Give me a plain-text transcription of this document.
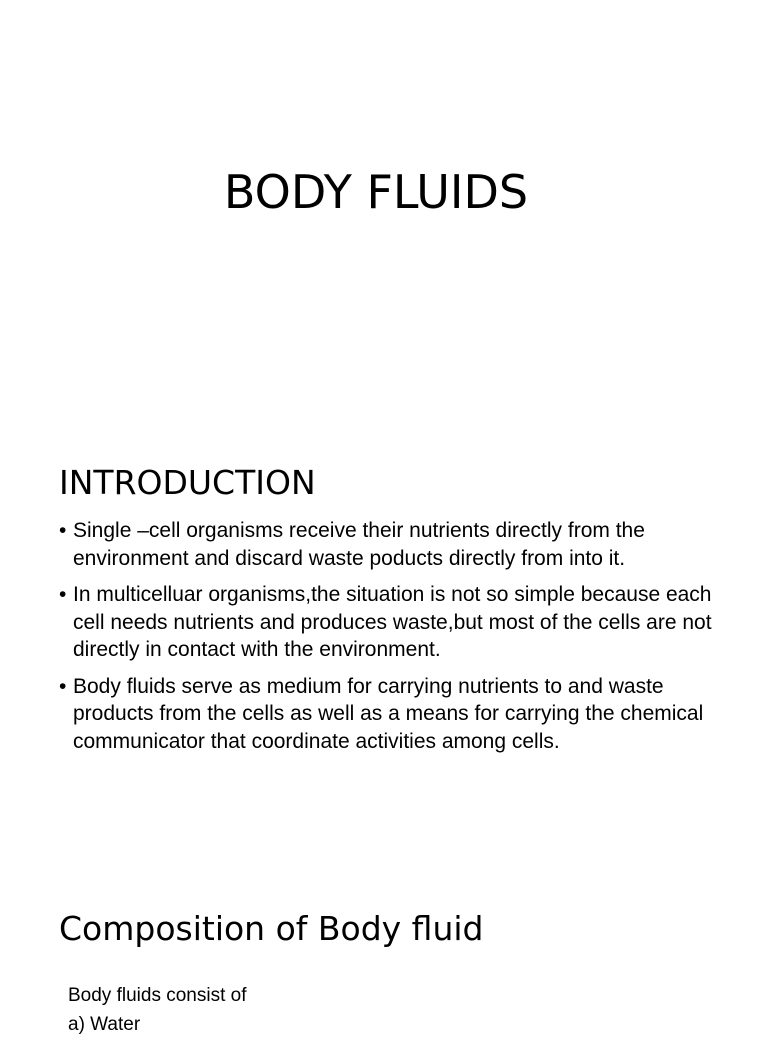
BODY FLUIDS
INTRODUCTION
• Single –cell organisms receive their nutrients directly from the environment and discard waste poducts directly from into it.
• In multicelluar organisms,the situation is not so simple because each cell needs nutrients and produces waste,but most of the cells are not directly in contact with the environment.
• Body fluids serve as medium for carrying nutrients to and waste products from the cells as well as a means for carrying the chemical communicator that coordinate activities among cells.
Composition of Body fluid
Body fluids consist of
a) Water
